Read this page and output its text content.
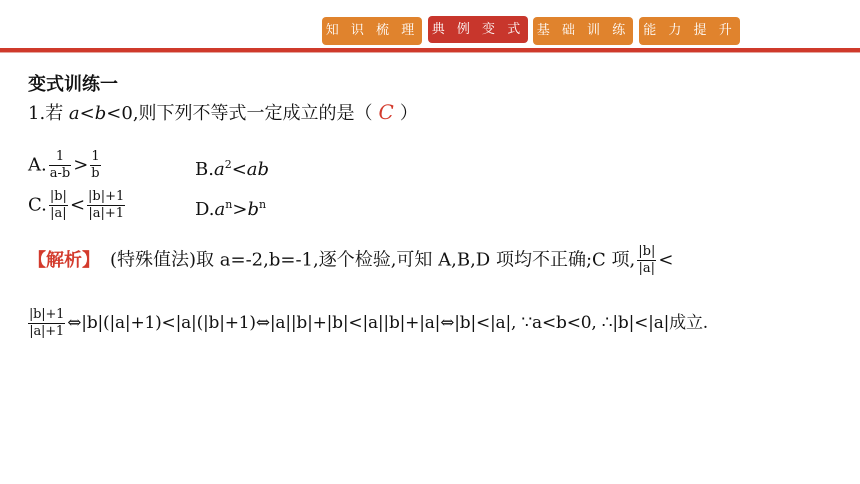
知 识 梳 理 典 例 变 式 基 础 训 练	能 力 提 升
变式训练一
1.若 a<b<0,则下列不等式一定成立的是（ C ）
A. $\frac{1}{a-b} > \frac{1}{b}$	$B.a^2<ab$
C. $\frac{|b|}{|a|} < \frac{|b|+1}{|a|+1}$	$D.a^n>b^n$
【解析】 (特殊值法)取 a=-2,b=-1,逐个检验,可知 A,B,D 项均不正确;C 项, $\frac{|b|}{|a|}$ <
$\frac{|b|+1}{|a|+1}$ ⇔|b|(|a|+1)<|a|(|b|+1)⇔|a||b|+|b|<|a||b|+|a|⇔|b|<|a|, ∵a<b<0, ∴|b|<|a|成立.
